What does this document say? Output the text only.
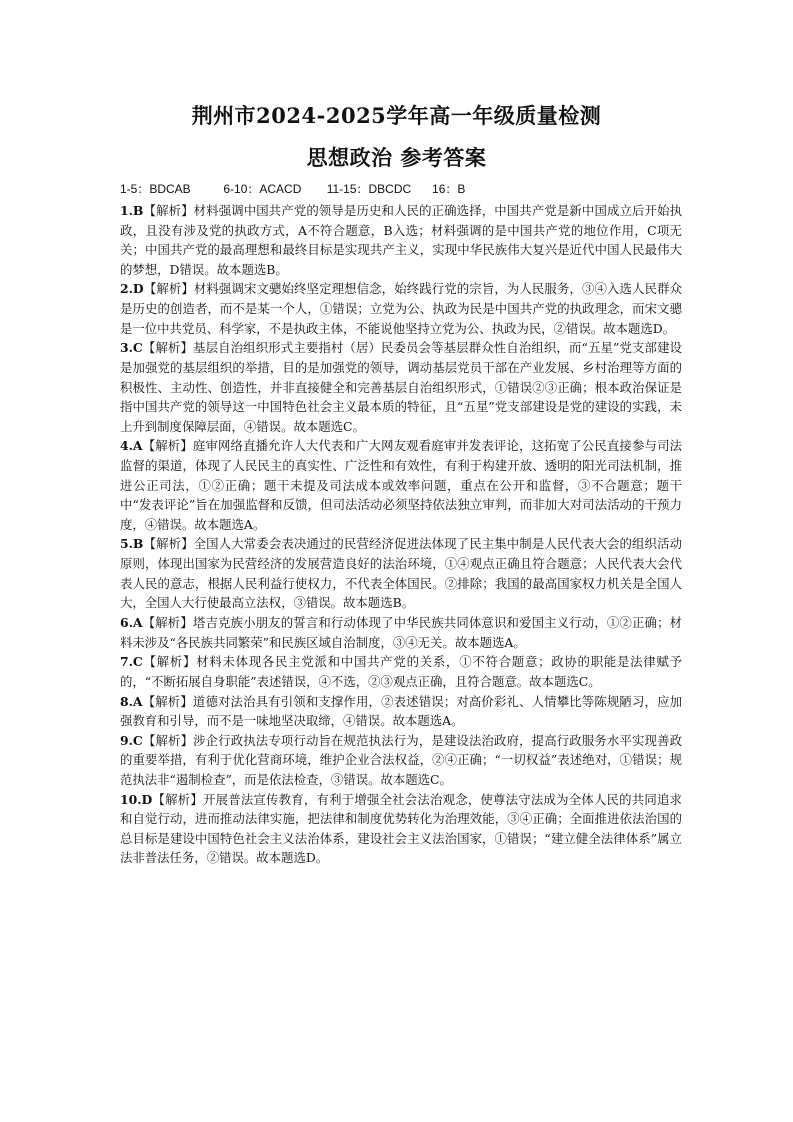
荆州市2024-2025学年高一年级质量检测
思想政治 参考答案
1-5：BDCAB	6-10：ACACD 11-15：DBCDC 16：B

1.B【解析】材料强调中国共产党的领导是历史和人民的正确选择，中国共产党是新中国成立后开始执政，且没有涉及党的执政方式，A不符合题意，B入选；材料强调的是中国共产党的地位作用，C项无关；中国共产党的最高理想和最终目标是实现共产主义，实现中华民族伟大复兴是近代中国人民最伟大的梦想，D错误。故本题选B。

2.D【解析】材料强调宋文骢始终坚定理想信念，始终践行党的宗旨，为人民服务，③④入选人民群众是历史的创造者，而不是某一个人，①错误；立党为公、执政为民是中国共产党的执政理念，而宋文骢是一位中共党员、科学家，不是执政主体，不能说他坚持立党为公、执政为民，②错误。故本题选D。

3.C【解析】基层自治组织形式主要指村（居）民委员会等基层群众性自治组织，而“五星”党支部建设是加强党的基层组织的举措，目的是加强党的领导，调动基层党员干部在产业发展、乡村治理等方面的积极性、主动性、创造性，并非直接健全和完善基层自治组织形式，①错误②③正确；根本政治保证是指中国共产党的领导这一中国特色社会主义最本质的特征，且“五星”党支部建设是党的建设的实践，未上升到制度保障层面，④错误。故本题选C。

4.A【解析】庭审网络直播允许人大代表和广大网友观看庭审并发表评论，这拓宽了公民直接参与司法监督的渠道，体现了人民民主的真实性、广泛性和有效性，有利于构建开放、透明的阳光司法机制，推进公正司法，①②正确；题干未提及司法成本或效率问题，重点在公开和监督，③不合题意；题干中“发表评论”旨在加强监督和反馈，但司法活动必须坚持依法独立审判，而非加大对司法活动的干预力度，④错误。故本题选A。

5.B【解析】全国人大常委会表决通过的民营经济促进法体现了民主集中制是人民代表大会的组织活动原则，体现出国家为民营经济的发展营造良好的法治环境，①④观点正确且符合题意；人民代表大会代表人民的意志，根据人民利益行使权力，不代表全体国民。②排除；我国的最高国家权力机关是全国人大，全国人大行使最高立法权，③错误。故本题选B。

6.A【解析】塔吉克族小朋友的誓言和行动体现了中华民族共同体意识和爱国主义行动，①②正确；材料未涉及“各民族共同繁荣”和民族区域自治制度，③④无关。故本题选A。

7.C【解析】材料未体现各民主党派和中国共产党的关系，①不符合题意；政协的职能是法律赋予的，“不断拓展自身职能”表述错误，④不选，②③观点正确，且符合题意。故本题选C。

8.A【解析】道德对法治具有引领和支撑作用，②表述错误；对高价彩礼、人情攀比等陈规陋习，应加强教育和引导，而不是一味地坚决取缔，④错误。故本题选A。

9.C【解析】涉企行政执法专项行动旨在规范执法行为，是建设法治政府，提高行政服务水平实现善政的重要举措，有利于优化营商环境，维护企业合法权益，②④正确；“一切权益”表述绝对，①错误；规范执法非“遏制检查”，而是依法检查，③错误。故本题选C。

10.D【解析】开展普法宣传教育，有利于增强全社会法治观念，使尊法守法成为全体人民的共同追求和自觉行动，进而推动法律实施，把法律和制度优势转化为治理效能，③④正确；全面推进依法治国的总目标是建设中国特色社会主义法治体系，建设社会主义法治国家，①错误；“建立健全法律体系”属立法非普法任务，②错误。故本题选D。
